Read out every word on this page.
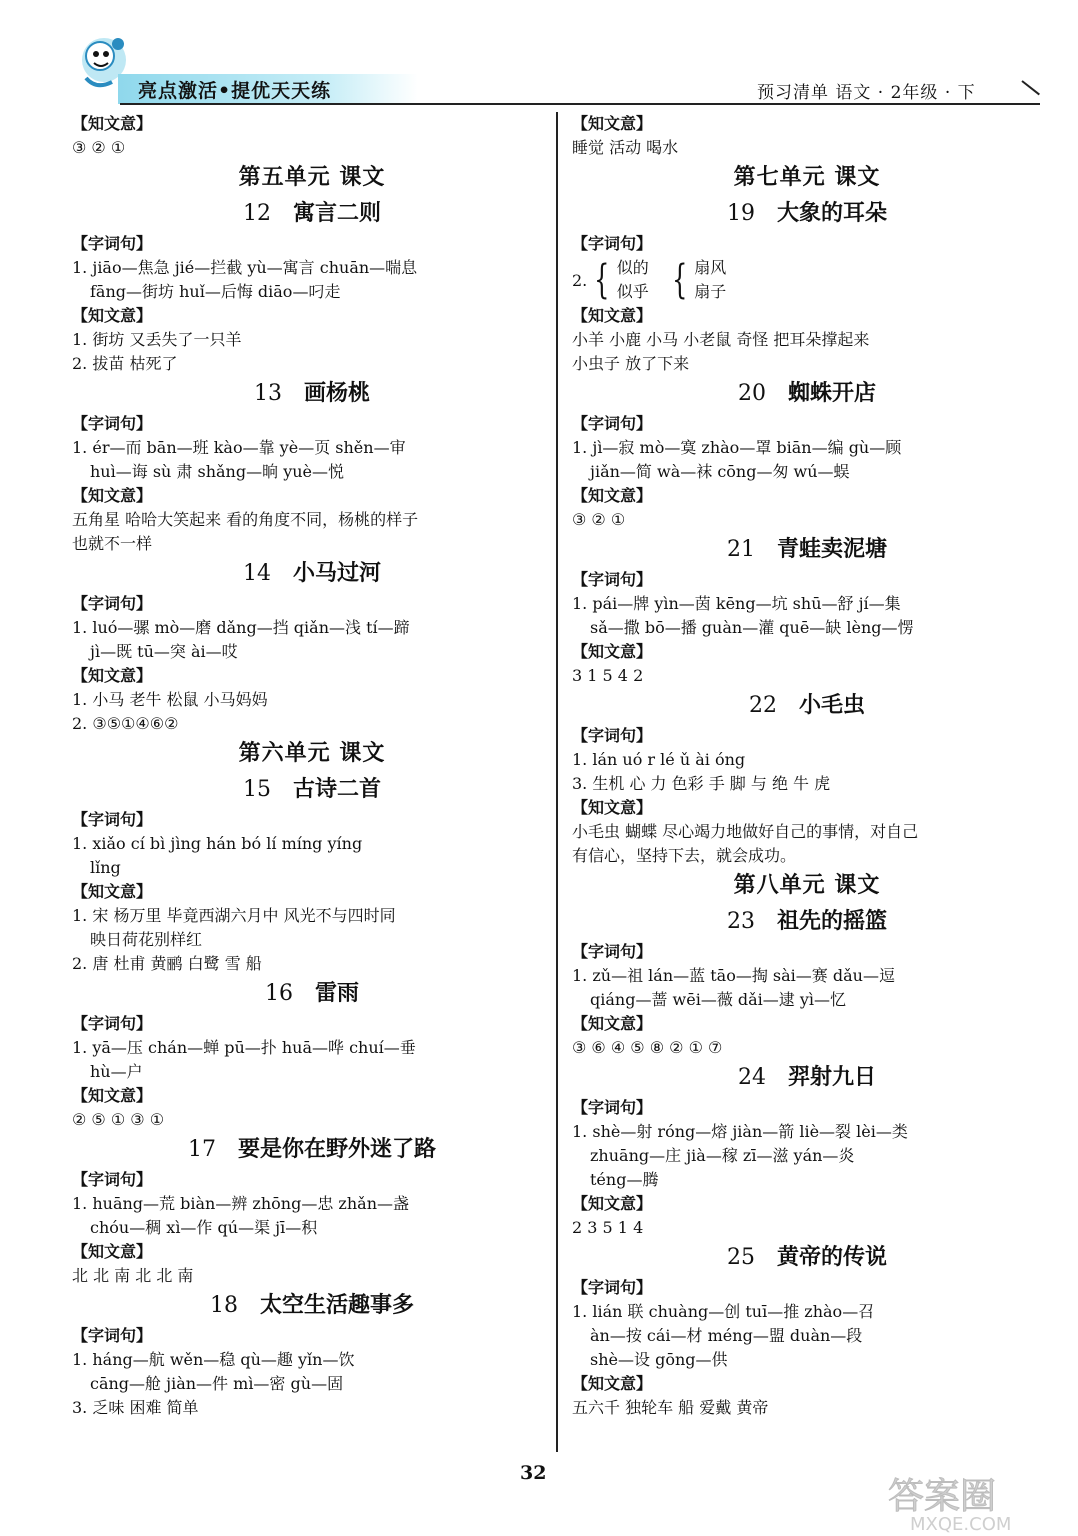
亮点激活•提优天天练	预习清单 语文 · 2年级 · 下
【知文意】
③ ② ①
第五单元 课文
12 寓言二则
【字词句】
1. jiāo—焦急 jié—拦截 yù—寓言 chuān—喘息
fāng—街坊 huǐ—后悔 diāo—叼走
【知文意】
1. 街坊 又丢失了一只羊
2. 拔苗 枯死了
13 画杨桃
【字词句】
1. ér—而 bān—班 kào—靠 yè—页 shěn—审
huì—诲 sù 肃 shǎng—晌 yuè—悦
【知文意】
五角星 哈哈大笑起来 看的角度不同，杨桃的样子
也就不一样
14 小马过河
【字词句】
1. luó—骡 mò—磨 dǎng—挡 qiǎn—浅 tí—蹄
jì—既 tū—突 ài—哎
【知文意】
1. 小马 老牛 松鼠 小马妈妈
2. ③⑤①④⑥②
第六单元 课文
15 古诗二首
【字词句】
1. xiǎo cí bì jìng hán bó lí míng yíng
lǐng
【知文意】
1. 宋 杨万里 毕竟西湖六月中 风光不与四时同
映日荷花别样红
2. 唐 杜甫 黄鹂 白鹭 雪 船
16 雷雨
【字词句】
1. yā—压 chán—蝉 pū—扑 huā—哗 chuí—垂
hù—户
【知文意】
② ⑤ ① ③ ①
17 要是你在野外迷了路
【字词句】
1. huāng—荒 biàn—辨 zhōng—忠 zhǎn—盏
chóu—稠 xì—作 qú—渠 jī—积
【知文意】
北 北 南 北 北 南
18 太空生活趣事多
【字词句】
1. háng—航 wěn—稳 qù—趣 yǐn—饮
cāng—舱 jiàn—件 mì—密 gù—固
3. 乏味 困难 简单
【知文意】
睡觉 活动 喝水
第七单元 课文
19 大象的耳朵
【字词句】
2. { 似的
似乎 { 扇风
扇子
【知文意】
小羊 小鹿 小马 小老鼠 奇怪 把耳朵撑起来
小虫子 放了下来
20 蜘蛛开店
【字词句】
1. jì—寂 mò—寞 zhào—罩 biān—编 gù—顾
jiǎn—简 wà—袜 cōng—匆 wú—蜈
【知文意】
③ ② ①
21 青蛙卖泥塘
【字词句】
1. pái—牌 yìn—茵 kēng—坑 shū—舒 jí—集
sǎ—撒 bō—播 guàn—灌 quē—缺 lèng—愣
【知文意】
3 1 5 4 2
22 小毛虫
【字词句】
1. lán uó r lé ǔ ài óng
3. 生机 心 力 色彩 手 脚 与 绝 牛 虎
【知文意】
小毛虫 蝴蝶 尽心竭力地做好自己的事情，对自己
有信心，坚持下去，就会成功。
第八单元 课文
23 祖先的摇篮
【字词句】
1. zǔ—祖 lán—蓝 tāo—掏 sài—赛 dǎu—逗
qiáng—蔷 wēi—薇 dǎi—逮 yì—忆
【知文意】
③ ⑥ ④ ⑤ ⑧ ② ① ⑦
24 羿射九日
【字词句】
1. shè—射 róng—熔 jiàn—箭 liè—裂 lèi—类
zhuāng—庄 jià—稼 zī—滋 yán—炎
téng—腾
【知文意】
2 3 5 1 4
25 黄帝的传说
【字词句】
1. lián 联 chuàng—创 tuī—推 zhào—召
àn—按 cái—材 méng—盟 duàn—段
shè—设 gōng—供
【知文意】
五六千 独轮车 船 爱戴 黄帝
32
答案圈
MXQE.COM
